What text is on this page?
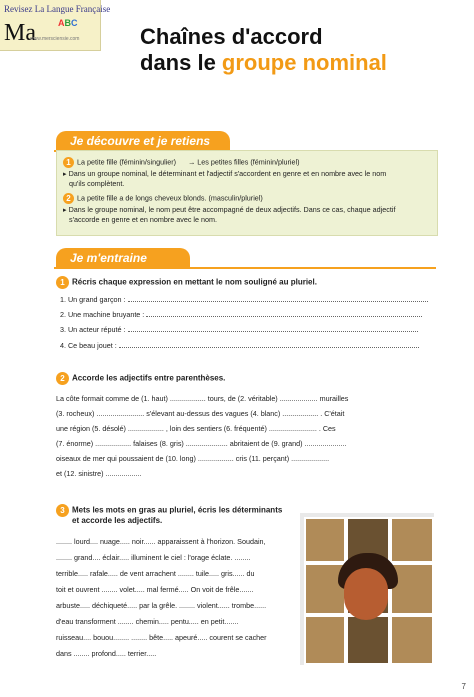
Revisez La Langue Française
Ma ABC
www.mersciensie.com	Chaînes d'accord
dans le groupe nominal
Je découvre et je retiens
1 La petite fille (féminin/singulier) → Les petites filles (féminin/pluriel)
▸ Dans un groupe nominal, le déterminant et l'adjectif s'accordent en genre et en nombre avec le nom
qu'ils complètent.
2 La petite fille a de longs cheveux blonds. (masculin/pluriel)
▸ Dans le groupe nominal, le nom peut être accompagné de deux adjectifs. Dans ce cas, chaque adjectif
s'accorde en genre et en nombre avec le nom.
Je m'entraine
1 Récris chaque expression en mettant le nom souligné au pluriel.
1. Un grand garçon :
2. Une machine bruyante :
3. Un acteur réputé :
4. Ce beau jouet :
2 Accorde les adjectifs entre parenthèses.
La côte formait comme de (1. haut) .................. tours, de (2. véritable) ................... murailles
(3. rocheux) ........................ s'élevant au-dessus des vagues (4. blanc) .................. . C'était
une région (5. désolé) .................. , loin des sentiers (6. fréquenté) ........................ . Ces
(7. énorme) .................. falaises (8. gris) ..................... abritaient de (9. grand) .....................
oiseaux de mer qui poussaient de (10. long) .................. cris (11. perçant) ...................
et (12. sinistre) ..................
3 Mets les mots en gras au pluriel, écris les déterminants
et accorde les adjectifs.
........ lourd.... nuage..... noir...... apparaissent à l'horizon. Soudain,
........ grand.... éclair..... illuminent le ciel : l'orage éclate. ........
terrible..... rafale..... de vent arrachent ........ tuile..... gris...... du
toit et ouvrent ........ volet..... mal fermé..... On voit de frêle.......
arbuste..... déchiqueté..... par la grêle. ........ violent...... trombe......
d'eau transforment ........ chemin..... pentu..... en petit.......
ruisseau.... bouou........ ........ bête..... apeuré..... courent se cacher
dans ........ profond..... terrier.....
7
